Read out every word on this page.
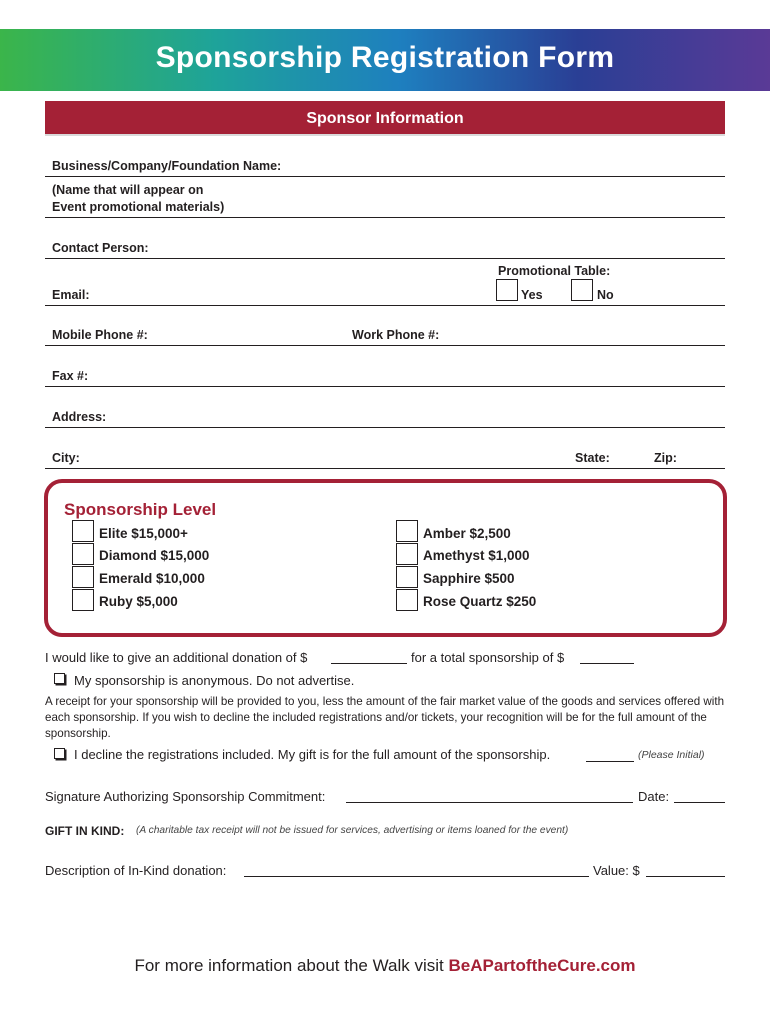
Sponsorship Registration Form
Sponsor Information
Business/Company/Foundation Name:
(Name that will appear on
Event promotional materials)
Contact Person:
Promotional Table:
Yes	No
Email:
Mobile Phone #:	Work Phone #:
Fax #:
Address:
City:	State:	Zip:
Sponsorship Level
Elite $15,000+
Diamond $15,000
Emerald $10,000
Ruby $5,000
Amber $2,500
Amethyst $1,000
Sapphire $500
Rose Quartz $250
I would like to give an additional donation of $	for a total sponsorship of $
My sponsorship is anonymous. Do not advertise.
A receipt for your sponsorship will be provided to you, less the amount of the fair market value of the goods and services offered with each sponsorship. If you wish to decline the included registrations and/or tickets, your recognition will be for the full amount of the sponsorship.
I decline the registrations included. My gift is for the full amount of the sponsorship.	(Please Initial)
Signature Authorizing Sponsorship Commitment:	Date:
GIFT IN KIND: (A charitable tax receipt will not be issued for services, advertising or items loaned for the event)
Description of In-Kind donation:	Value: $
For more information about the Walk visit BeAPartoftheCure.com
